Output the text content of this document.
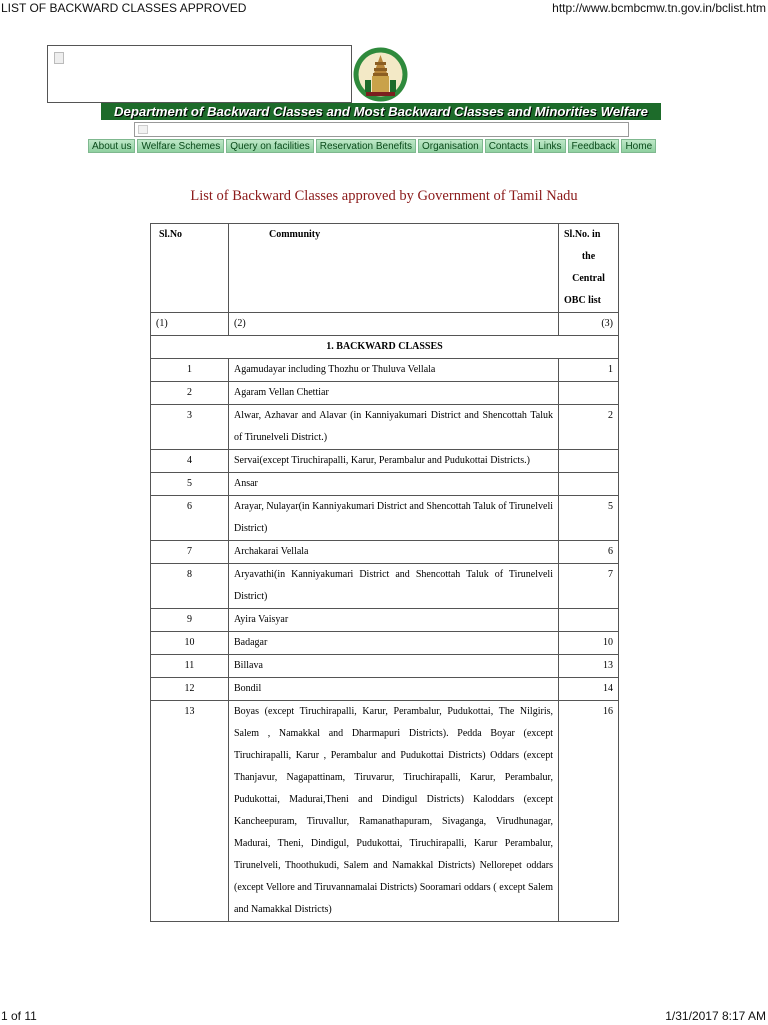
LIST OF BACKWARD CLASSES APPROVED	http://www.bcmbcmw.tn.gov.in/bclist.htm
Department of Backward Classes and Most Backward Classes and Minorities Welfare
About us	Welfare Schemes	Query on facilities	Reservation Benefits	Organisation	Contacts	Links	Feedback	Home
List of Backward Classes approved by Government of Tamil Nadu
Sl.No	Community	Sl.No. in
the
Central
OBC list

(1)	(2)	(3)
1. BACKWARD CLASSES		
1	Agamudayar including Thozhu or Thuluva Vellala	1
2	Agaram Vellan Chettiar	
3	Alwar, Azhavar and Alavar (in Kanniyakumari District and Shencottah Taluk of Tirunelveli District.)	2
4	Servai(except Tiruchirapalli, Karur, Perambalur and Pudukottai Districts.)	
5	Ansar	
6	Arayar, Nulayar(in Kanniyakumari District and Shencottah Taluk of Tirunelveli District)	5
7	Archakarai Vellala	6
8	Aryavathi(in Kanniyakumari District and Shencottah Taluk of Tirunelveli District)	7
9	Ayira Vaisyar	
10	Badagar	10
11	Billava	13
12	Bondil	14
13	Boyas (except Tiruchirapalli, Karur, Perambalur, Pudukottai, The Nilgiris, Salem , Namakkal and Dharmapuri Districts). Pedda Boyar (except Tiruchirapalli, Karur , Perambalur and Pudukottai Districts) Oddars (except Thanjavur, Nagapattinam, Tiruvarur, Tiruchirapalli, Karur, Perambalur, Pudukottai, Madurai,Theni and Dindigul Districts) Kaloddars (except Kancheepuram, Tiruvallur, Ramanathapuram, Sivaganga, Virudhunagar, Madurai, Theni, Dindigul, Pudukottai, Tiruchirapalli, Karur Perambalur, Tirunelveli, Thoothukudi, Salem and Namakkal Districts) Nellorepet oddars (except Vellore and Tiruvannamalai Districts) Sooramari oddars ( except Salem and Namakkal Districts)	16
1 of 11	1/31/2017 8:17 AM
